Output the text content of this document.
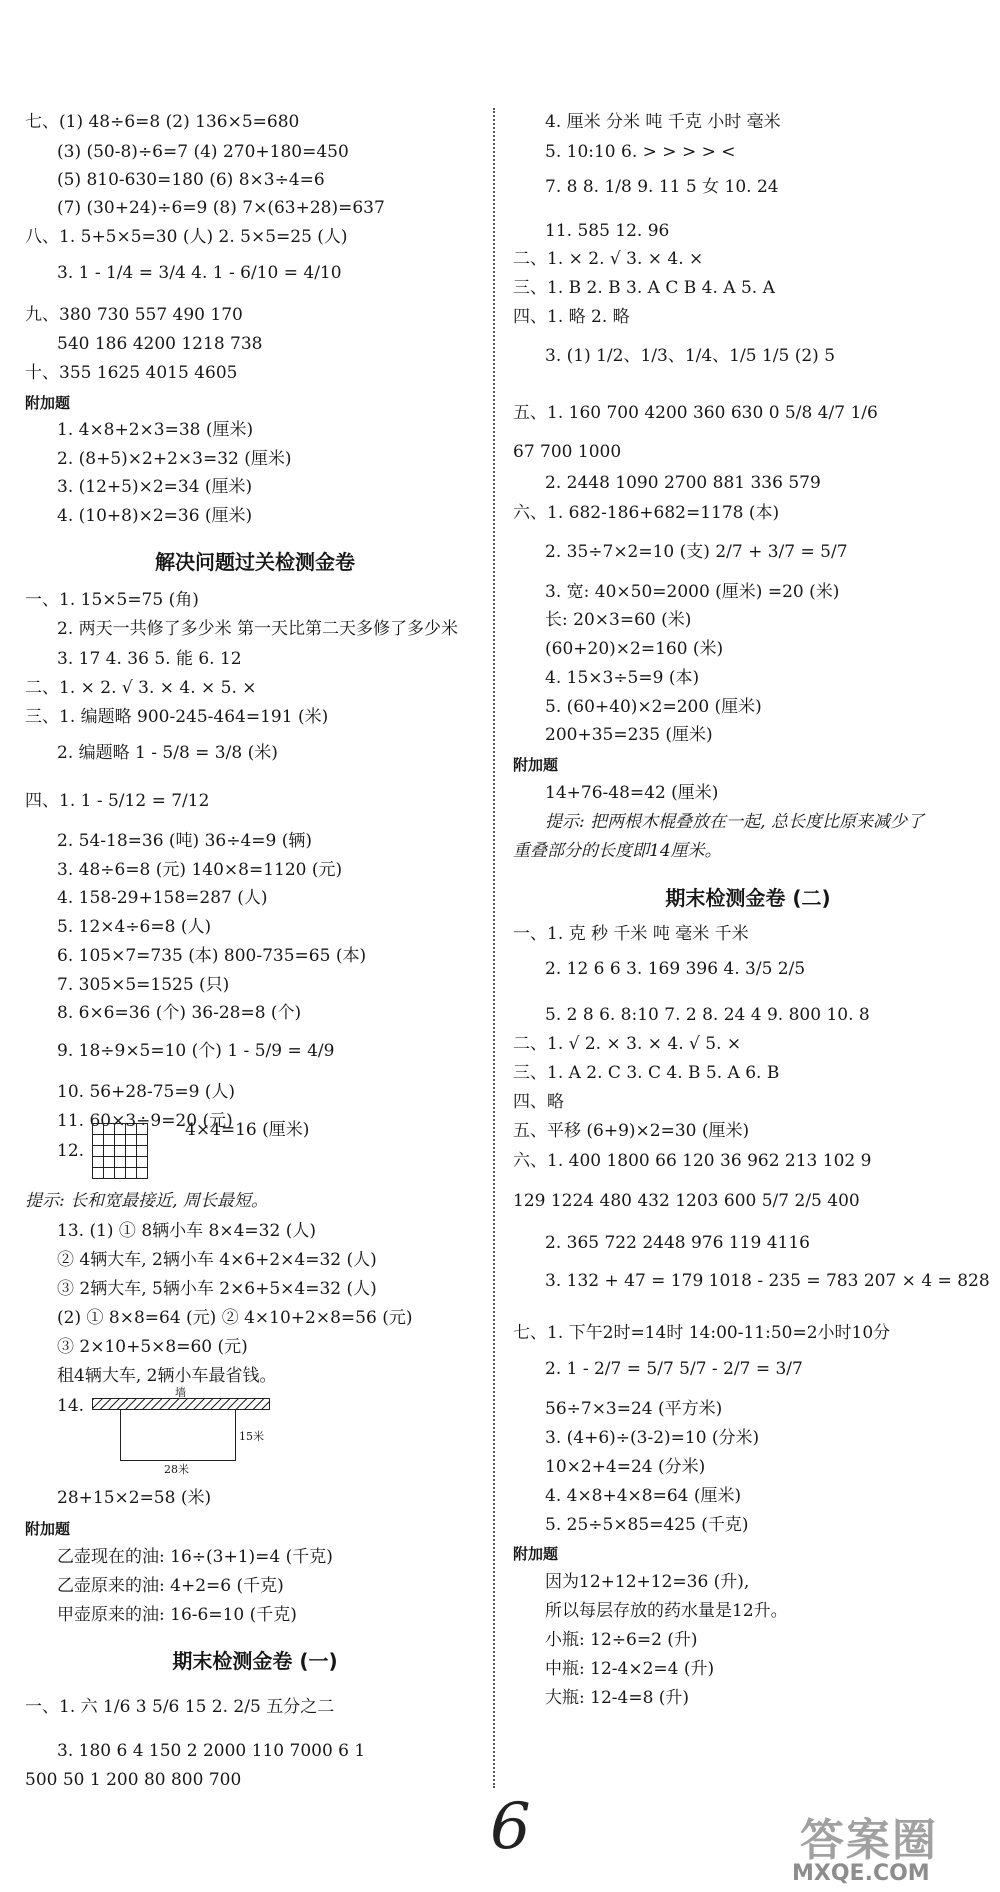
七、(1) 48÷6=8 (2) 136×5=680
(3) (50-8)÷6=7 (4) 270+180=450
(5) 810-630=180 (6) 8×3÷4=6
(7) (30+24)÷6=9 (8) 7×(63+28)=637
八、1. 5+5×5=30 (人) 2. 5×5=25 (人)
3. 1 - 1/4 = 3/4 4. 1 - 6/10 = 4/10
九、380 730 557 490 170
540 186 4200 1218 738
十、355 1625 4015 4605
附加题
1. 4×8+2×3=38 (厘米)
2. (8+5)×2+2×3=32 (厘米)
3. (12+5)×2=34 (厘米)
4. (10+8)×2=36 (厘米)
解决问题过关检测金卷
一、1. 15×5=75 (角)
2. 两天一共修了多少米 第一天比第二天多修了多少米
3. 17 4. 36 5. 能 6. 12
二、1. × 2. √ 3. × 4. × 5. ×
三、1. 编题略 900-245-464=191 (米)
2. 编题略 1 - 5/8 = 3/8 (米)
四、1. 1 - 5/12 = 7/12
2. 54-18=36 (吨) 36÷4=9 (辆)
3. 48÷6=8 (元) 140×8=1120 (元)
4. 158-29+158=287 (人)
5. 12×4÷6=8 (人)
6. 105×7=735 (本) 800-735=65 (本)
7. 305×5=1525 (只)
8. 6×6=36 (个) 36-28=8 (个)
9. 18÷9×5=10 (个) 1 - 5/9 = 4/9
10. 56+28-75=9 (人)
11. 60×3÷9=20 (元)
12.
4×4=16 (厘米)
提示: 长和宽最接近, 周长最短。
13. (1) ① 8辆小车 8×4=32 (人)
② 4辆大车, 2辆小车 4×6+2×4=32 (人)
③ 2辆大车, 5辆小车 2×6+5×4=32 (人)
(2) ① 8×8=64 (元) ② 4×10+2×8=56 (元)
③ 2×10+5×8=60 (元)
租4辆大车, 2辆小车最省钱。
14.
墙
15米
28米
28+15×2=58 (米)
附加题
乙壶现在的油: 16÷(3+1)=4 (千克)
乙壶原来的油: 4+2=6 (千克)
甲壶原来的油: 16-6=10 (千克)
期末检测金卷 (一)
一、1. 六 1/6 3 5/6 15 2. 2/5 五分之二
3. 180 6 4 150 2 2000 110 7000 6 1
500 50 1 200 80 800 700
4. 厘米 分米 吨 千克 小时 毫米
5. 10:10 6. > > > > <
7. 8 8. 1/8 9. 11 5 女 10. 24
11. 585 12. 96
二、1. × 2. √ 3. × 4. ×
三、1. B 2. B 3. A C B 4. A 5. A
四、1. 略 2. 略
3. (1) 1/2、1/3、1/4、1/5 1/5 (2) 5
五、1. 160 700 4200 360 630 0 5/8 4/7 1/6
67 700 1000
2. 2448 1090 2700 881 336 579
六、1. 682-186+682=1178 (本)
2. 35÷7×2=10 (支) 2/7 + 3/7 = 5/7
3. 宽: 40×50=2000 (厘米) =20 (米)
长: 20×3=60 (米)
(60+20)×2=160 (米)
4. 15×3÷5=9 (本)
5. (60+40)×2=200 (厘米)
200+35=235 (厘米)
附加题
14+76-48=42 (厘米)
提示: 把两根木棍叠放在一起, 总长度比原来减少了
重叠部分的长度即14厘米。
期末检测金卷 (二)
一、1. 克 秒 千米 吨 毫米 千米
2. 12 6 6 3. 169 396 4. 3/5 2/5
5. 2 8 6. 8:10 7. 2 8. 24 4 9. 800 10. 8
二、1. √ 2. × 3. × 4. √ 5. ×
三、1. A 2. C 3. C 4. B 5. A 6. B
四、略
五、平移 (6+9)×2=30 (厘米)
六、1. 400 1800 66 120 36 962 213 102 9
129 1224 480 432 1203 600 5/7 2/5 400
2. 365 722 2448 976 119 4116
3. 132 + 47 = 179 1018 - 235 = 783 207 × 4 = 828
七、1. 下午2时=14时 14:00-11:50=2小时10分
2. 1 - 2/7 = 5/7 5/7 - 2/7 = 3/7
56÷7×3=24 (平方米)
3. (4+6)÷(3-2)=10 (分米)
10×2+4=24 (分米)
4. 4×8+4×8=64 (厘米)
5. 25÷5×85=425 (千克)
附加题
因为12+12+12=36 (升),
所以每层存放的药水量是12升。
小瓶: 12÷6=2 (升)
中瓶: 12-4×2=4 (升)
大瓶: 12-4=8 (升)
6	答案圈
MXQE.COM
